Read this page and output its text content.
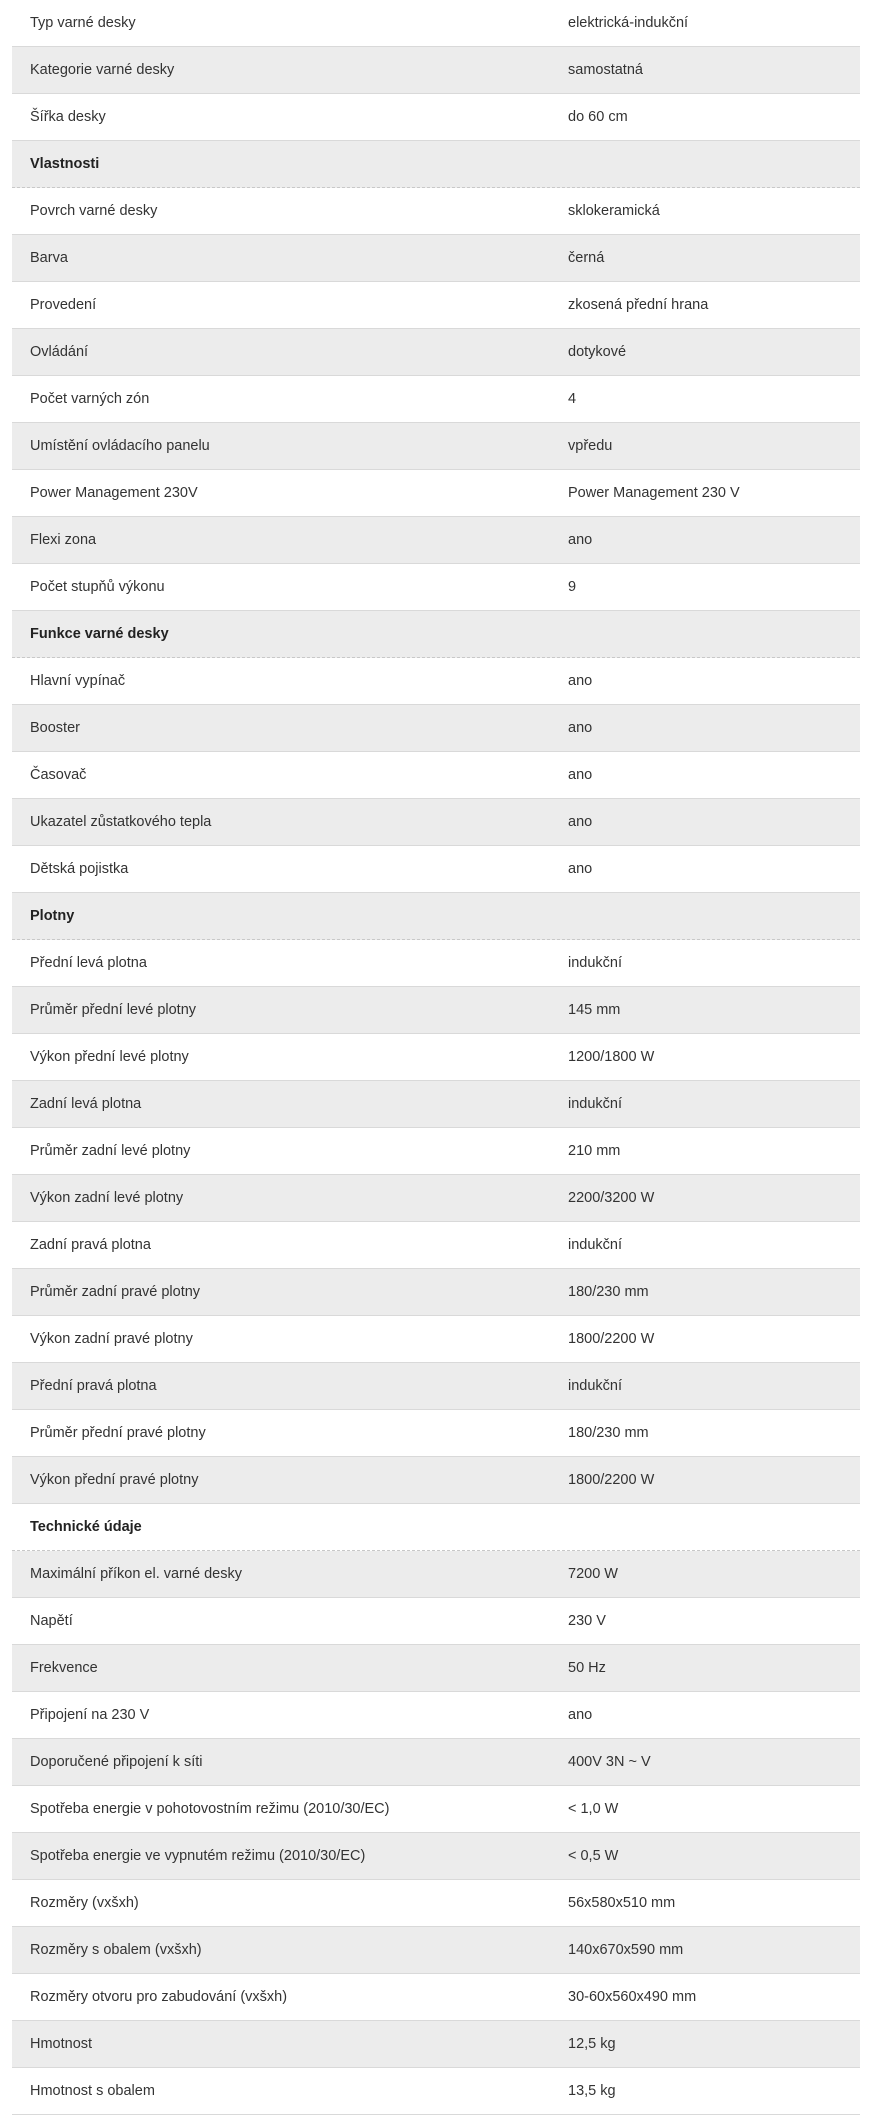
Typ varné desky	elektrická-indukční
Kategorie varné desky	samostatná
Šířka desky	do 60 cm
Vlastnosti
Povrch varné desky	sklokeramická
Barva	černá
Provedení	zkosená přední hrana
Ovládání	dotykové
Počet varných zón	4
Umístění ovládacího panelu	vpředu
Power Management 230V	Power Management 230 V
Flexi zona	ano
Počet stupňů výkonu	9
Funkce varné desky
Hlavní vypínač	ano
Booster	ano
Časovač	ano
Ukazatel zůstatkového tepla	ano
Dětská pojistka	ano
Plotny
Přední levá plotna	indukční
Průměr přední levé plotny	145 mm
Výkon přední levé plotny	1200/1800 W
Zadní levá plotna	indukční
Průměr zadní levé plotny	210 mm
Výkon zadní levé plotny	2200/3200 W
Zadní pravá plotna	indukční
Průměr zadní pravé plotny	180/230 mm
Výkon zadní pravé plotny	1800/2200 W
Přední pravá plotna	indukční
Průměr přední pravé plotny	180/230 mm
Výkon přední pravé plotny	1800/2200 W
Technické údaje
Maximální příkon el. varné desky	7200 W
Napětí	230 V
Frekvence	50 Hz
Připojení na 230 V	ano
Doporučené připojení k síti	400V 3N ~ V
Spotřeba energie v pohotovostním režimu (2010/30/EC)	< 1,0 W
Spotřeba energie ve vypnutém režimu (2010/30/EC)	< 0,5 W
Rozměry (vxšxh)	56x580x510 mm
Rozměry s obalem (vxšxh)	140x670x590 mm
Rozměry otvoru pro zabudování (vxšxh)	30-60x560x490 mm
Hmotnost	12,5 kg
Hmotnost s obalem	13,5 kg
